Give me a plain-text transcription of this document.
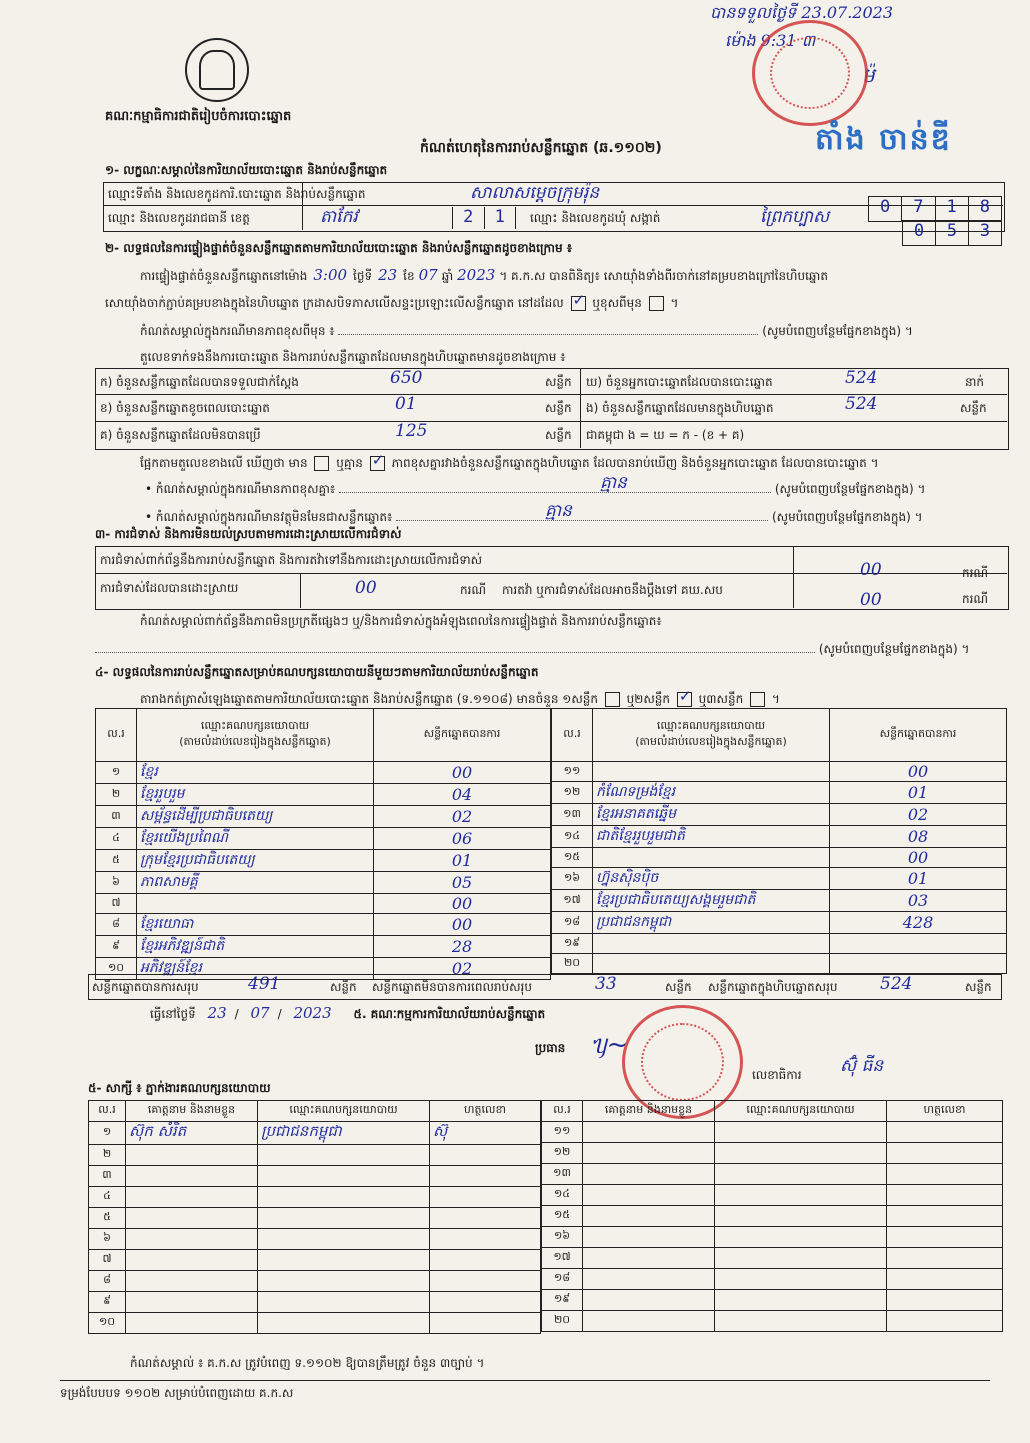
គណៈកម្មាធិការជាតិរៀបចំការបោះឆ្នោត
កំណត់ហេតុនៃការរាប់សន្លឹកឆ្នោត (ឆ.១១០២)
បានទទួលថ្ងៃទី 23.07.2023
ម៉ោង 9:31 ៣
ម៉
តាំង ចាន់ឌី
១- លក្ខណៈសម្គាល់នៃការិយាល័យបោះឆ្នោត និងរាប់សន្លឹកឆ្នោត
ឈ្មោះទីតាំង និងលេខកូដការិ.បោះឆ្នោត និងរាប់សន្លឹកឆ្នោត	សាលាសម្តេចក្រុមរ៉ុន
0	7	1	8
ឈ្មោះ និងលេខកូដរាជធានី ខេត្ត	តាកែវ	2	1	ឈ្មោះ និងលេខកូដឃុំ សង្កាត់	ព្រៃកប្បាស
0	5	3
២- លទ្ធផលនៃការផ្ទៀងផ្ទាត់ចំនួនសន្លឹកឆ្នោតតាមការិយាល័យបោះឆ្នោត និងរាប់សន្លឹកឆ្នោតដូចខាងក្រោម ៖
ការផ្ទៀងផ្ទាត់ចំនួនសន្លឹកឆ្នោតនៅម៉ោង 3:00 ថ្ងៃទី 23 ខែ 07 ឆ្នាំ 2023 ។ គ.ក.ស បានពិនិត្យ៖ សោយ៉ាំងទាំងពីរចាក់នៅគម្របខាងក្រៅនៃហិបឆ្នោត
សោយ៉ាំងចាក់ភ្ជាប់គម្របខាងក្នុងនៃហិបឆ្នោត ក្រដាសបិទភាសលើសន្ទះប្រឡោះលើសន្លឹកឆ្នោត នៅដដែល ✓ ឬខុសពីមុន  ។
កំណត់សម្គាល់ក្នុងករណីមានភាពខុសពីមុន ៖	(សូមបំពេញបន្ថែមផ្នែកខាងក្នុង) ។
តួលេខទាក់ទងនឹងការបោះឆ្នោត និងការរាប់សន្លឹកឆ្នោតដែលមានក្នុងហិបឆ្នោតមានដូចខាងក្រោម ៖
ក) ចំនួនសន្លឹកឆ្នោតដែលបានទទួលជាក់ស្តែង	650	សន្លឹក
ខ) ចំនួនសន្លឹកឆ្នោតខូចពេលបោះឆ្នោត	01	សន្លឹក
គ) ចំនួនសន្លឹកឆ្នោតដែលមិនបានប្រើ	125	សន្លឹក
ឃ) ចំនួនអ្នកបោះឆ្នោតដែលបានបោះឆ្នោត	524	នាក់
ង) ចំនួនសន្លឹកឆ្នោតដែលមានក្នុងហិបឆ្នោត	524	សន្លឹក
ជាគម្ពុជា ង = ឃ = ក - (ខ + គ)
ផ្អែកតាមតួលេខខាងលើ ឃើញថា មាន ឬគ្មាន ✓ ភាពខុសគ្នារវាងចំនួនសន្លឹកឆ្នោតក្នុងហិបឆ្នោត ដែលបានរាប់ឃើញ និងចំនួនអ្នកបោះឆ្នោត ដែលបានបោះឆ្នោត ។
• កំណត់សម្គាល់ក្នុងករណីមានភាពខុសគ្នា៖	(សូមបំពេញបន្ថែមផ្នែកខាងក្នុង) ។
គ្មាន
• កំណត់សម្គាល់ក្នុងករណីមានវត្ថុមិនមែនជាសន្លឹកឆ្នោត៖	(សូមបំពេញបន្ថែមផ្នែកខាងក្នុង) ។
គ្មាន
៣- ការជំទាស់ និងការមិនយល់ស្របតាមការដោះស្រាយលើការជំទាស់
ការជំទាស់ពាក់ព័ន្ធនឹងការរាប់សន្លឹកឆ្នោត និងការតវ៉ាទៅនឹងការដោះស្រាយលើការជំទាស់	00	ករណី
ការជំទាស់ដែលបានដោះស្រាយ	00	ករណី ការតវ៉ា ឬការជំទាស់ដែលអាចនឹងប្តឹងទៅ គឃ.សប	00	ករណី
កំណត់សម្គាល់ពាក់ព័ន្ធនឹងភាពមិនប្រក្រតីផ្សេងៗ ឬ/និងការជំទាស់ក្នុងអំឡុងពេលនៃការផ្ទៀងផ្ទាត់ និងការរាប់សន្លឹកឆ្នោត៖
(សូមបំពេញបន្ថែមផ្នែកខាងក្នុង) ។
៤- លទ្ធផលនៃការរាប់សន្លឹកឆ្នោតសម្រាប់គណបក្សនយោបាយនីមួយៗតាមការិយាល័យរាប់សន្លឹកឆ្នោត
តារាងកត់ត្រាសំឡេងឆ្នោតតាមការិយាល័យបោះឆ្នោត និងរាប់សន្លឹកឆ្នោត (ទ.១១០៨) មានចំនួន ១សន្លឹក ឬ២សន្លឹក ✓ ឬ៣សន្លឹក  ។
ល.រ	ឈ្មោះគណបក្សនយោបាយ
(តាមលំដាប់លេខរៀងក្នុងសន្លឹកឆ្នោត)	សន្លឹកឆ្នោតបានការ
១	ខ្មែរ	00
២	ខ្មែររួបរួម	04
៣	សម្ព័ន្ធដើម្បីប្រជាធិបតេយ្យ	02
៤	ខ្មែរយើងប្រពៃណី	06
៥	ក្រុមខ្មែរប្រជាធិបតេយ្យ	01
៦	ភាពសាមគ្គី	05
៧		00
៨	ខ្មែរយោធា	00
៩	ខ្មែរអភិវឌ្ឍន៍ជាតិ	28
១០	អភិវឌ្ឍន៍ខ្មែរ	02
ល.រ	ឈ្មោះគណបក្សនយោបាយ
(តាមលំដាប់លេខរៀងក្នុងសន្លឹកឆ្នោត)	សន្លឹកឆ្នោតបានការ
១១		00
១២	កំណែទម្រង់ខ្មែរ	01
១៣	ខ្មែរអនាគតឆ្នើម	02
១៤	ជាតិខ្មែររួបរួមជាតិ	08
១៥		00
១៦	ហ្វ៊ុនស៊ិនប៉ិច	01
១៧	ខ្មែរប្រជាធិបតេយ្យសង្គមរួមជាតិ	03
១៨	ប្រជាជនកម្ពុជា	428
១៩		
២០		
សន្លឹកឆ្នោតបានការសរុប	491	សន្លឹក សន្លឹកឆ្នោតមិនបានការពេលរាប់សរុប	33	សន្លឹក សន្លឹកឆ្នោតក្នុងហិបឆ្នោតសរុប	524	សន្លឹក
ធ្វើនៅថ្ងៃទី 23 / 07 / 2023 ៥. គណៈកម្មការការិយាល័យរាប់សន្លឹកឆ្នោត
ប្រធាន ᥡ~
លេខាធិការ ស៊ុំ ធីន
៥- សាក្សី ៖ ភ្នាក់ងារគណបក្សនយោបាយ
ល.រ	គោត្តនាម និងនាមខ្លួន	ឈ្មោះគណបក្សនយោបាយ	ហត្ថលេខា
១	ស៊ុក សំរិត	ប្រជាជនកម្ពុជា	ស៊ុ
២			
៣			
៤			
៥			
៦			
៧			
៨			
៩			
១០			
ល.រ	គោត្តនាម និងនាមខ្លួន	ឈ្មោះគណបក្សនយោបាយ	ហត្ថលេខា
១១			
១២			
១៣			
១៤			
១៥			
១៦			
១៧			
១៨			
១៩			
២០			
កំណត់សម្គាល់ ៖ គ.ក.ស ត្រូវបំពេញ ទ.១១០២ ឱ្យបានត្រឹមត្រូវ ចំនួន ៣ច្បាប់ ។
ទម្រង់បែបបទ ១១០២ សម្រាប់បំពេញដោយ គ.ក.ស
